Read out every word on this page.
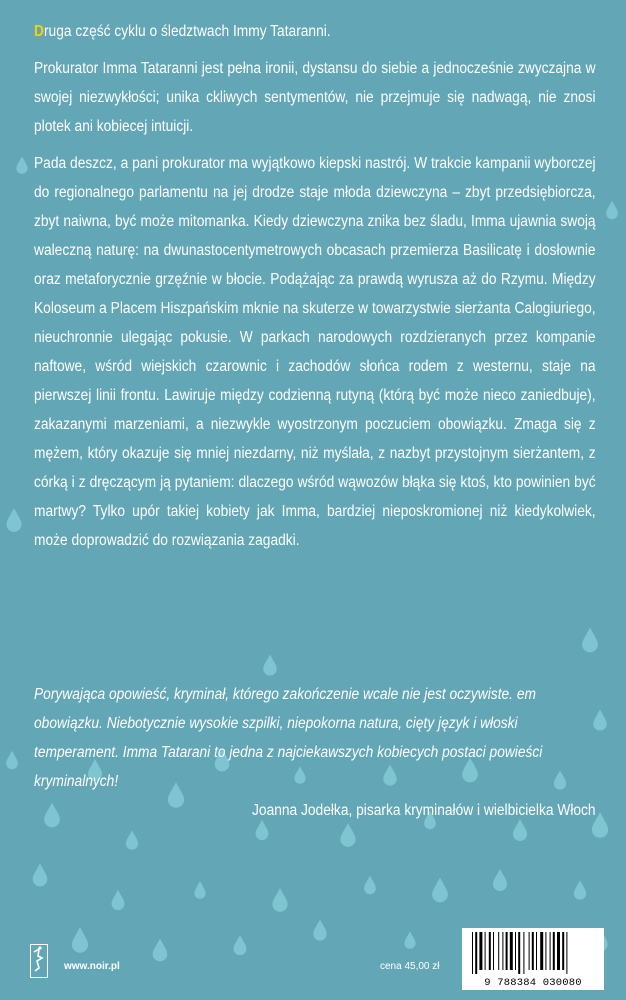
Druga część cyklu o śledztwach Immy Tataranni.

Prokurator Imma Tataranni jest pełna ironii, dystansu do siebie a jednocześnie zwyczajna w swojej niezwykłości; unika ckliwych sentymentów, nie przejmuje się nadwagą, nie znosi plotek ani kobiecej intuicji.

Pada deszcz, a pani prokurator ma wyjątkowo kiepski nastrój. W trakcie kampanii wyborczej do regionalnego parlamentu na jej drodze staje młoda dziewczyna – zbyt przedsiębiorcza, zbyt naiwna, być może mitomanka. Kiedy dziewczyna znika bez śladu, Imma ujawnia swoją waleczną naturę: na dwunastocentymetrowych obcasach przemierza Basilicatę i dosłownie oraz metaforycznie grzęźnie w błocie. Podążając za prawdą wyrusza aż do Rzymu. Między Koloseum a Placem Hiszpańskim mknie na skuterze w towarzystwie sierżanta Calogiuriego, nieuchronnie ulegając pokusie. W parkach narodowych rozdzieranych przez kompanie naftowe, wśród wiejskich czarownic i zachodów słońca rodem z westernu, staje na pierwszej linii frontu. Lawiruje między codzienną rutyną (którą być może nieco zaniedbuje), zakazanymi marzeniami, a niezwykle wyostrzonym poczuciem obowiązku. Zmaga się z mężem, który okazuje się mniej niezdarny, niż myślała, z nazbyt przystojnym sierżantem, z córką i z dręczącym ją pytaniem: dlaczego wśród wąwozów błąka się ktoś, kto powinien być martwy? Tylko upór takiej kobiety jak Imma, bardziej nieposkromionej niż kiedykolwiek, może doprowadzić do rozwiązania zagadki.

Porywająca opowieść, kryminał, którego zakończenie wcale nie jest oczywiste. em obowiązku. Niebotycznie wysokie szpilki, niepokorna natura, cięty język i włoski temperament. Imma Tatarani to jedna z najciekawszych kobiecych postaci powieści kryminalnych!

Joanna Jodełka, pisarka kryminałów i wielbicielka Włoch

www.noir.pl	cena 45,00 zł
9 788384 030080
